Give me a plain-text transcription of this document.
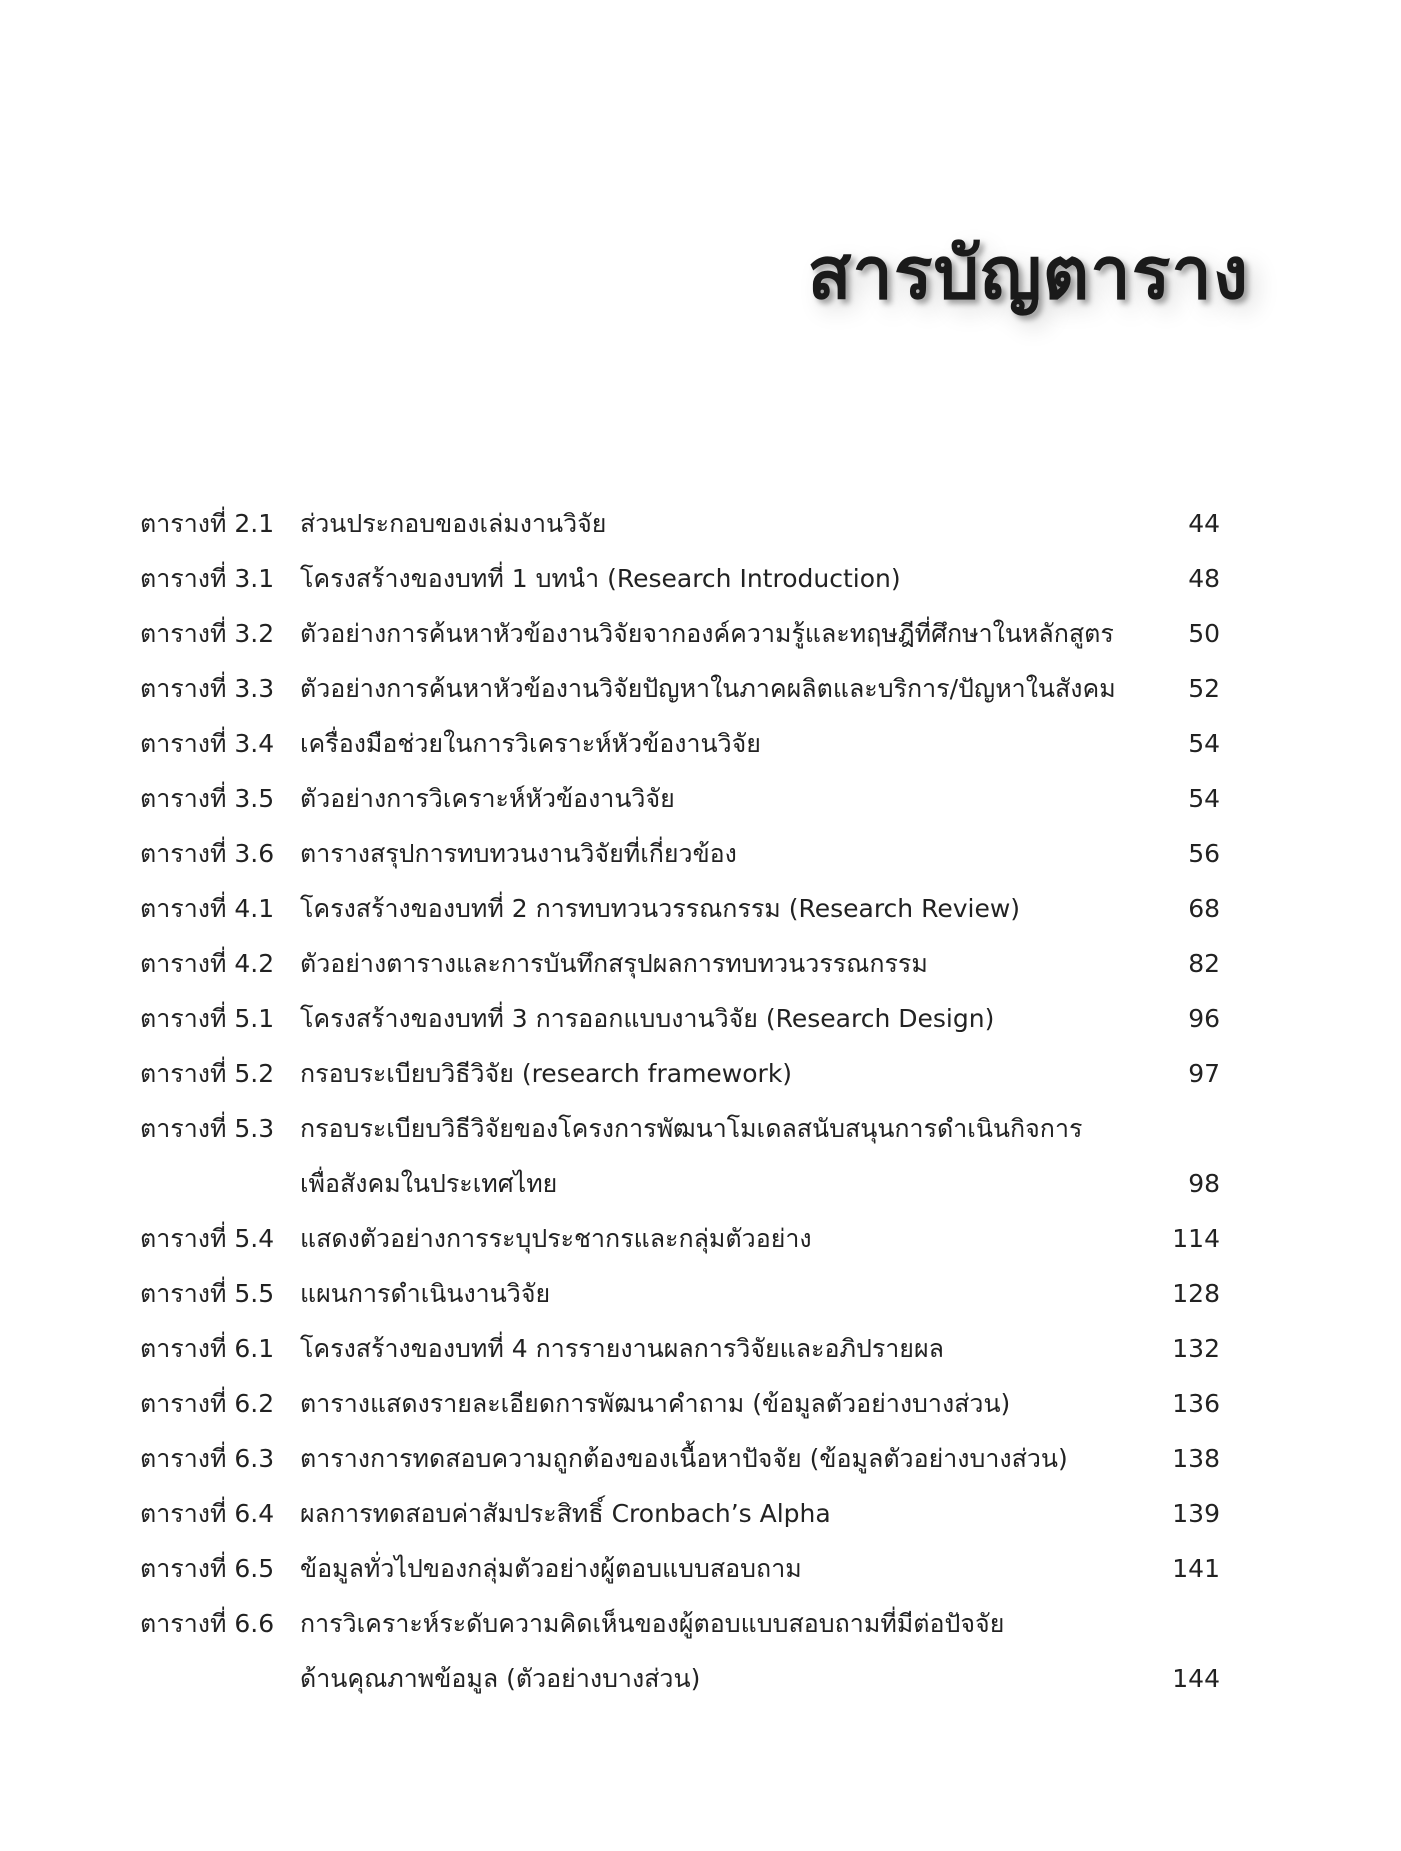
สารบัญตาราง
ตารางที่ 2.1	ส่วนประกอบของเล่มงานวิจัย	44
ตารางที่ 3.1	โครงสร้างของบทที่ 1 บทนำ (Research Introduction)	48
ตารางที่ 3.2	ตัวอย่างการค้นหาหัวข้องานวิจัยจากองค์ความรู้และทฤษฎีที่ศึกษาในหลักสูตร	50
ตารางที่ 3.3	ตัวอย่างการค้นหาหัวข้องานวิจัยปัญหาในภาคผลิตและบริการ/ปัญหาในสังคม	52
ตารางที่ 3.4	เครื่องมือช่วยในการวิเคราะห์หัวข้องานวิจัย	54
ตารางที่ 3.5	ตัวอย่างการวิเคราะห์หัวข้องานวิจัย	54
ตารางที่ 3.6	ตารางสรุปการทบทวนงานวิจัยที่เกี่ยวข้อง	56
ตารางที่ 4.1	โครงสร้างของบทที่ 2 การทบทวนวรรณกรรม (Research Review)	68
ตารางที่ 4.2	ตัวอย่างตารางและการบันทึกสรุปผลการทบทวนวรรณกรรม	82
ตารางที่ 5.1	โครงสร้างของบทที่ 3 การออกแบบงานวิจัย (Research Design)	96
ตารางที่ 5.2	กรอบระเบียบวิธีวิจัย (research framework)	97
ตารางที่ 5.3	กรอบระเบียบวิธีวิจัยของโครงการพัฒนาโมเดลสนับสนุนการดำเนินกิจการ
เพื่อสังคมในประเทศไทย	98
ตารางที่ 5.4	แสดงตัวอย่างการระบุประชากรและกลุ่มตัวอย่าง	114
ตารางที่ 5.5	แผนการดำเนินงานวิจัย	128
ตารางที่ 6.1	โครงสร้างของบทที่ 4 การรายงานผลการวิจัยและอภิปรายผล	132
ตารางที่ 6.2	ตารางแสดงรายละเอียดการพัฒนาคำถาม (ข้อมูลตัวอย่างบางส่วน)	136
ตารางที่ 6.3	ตารางการทดสอบความถูกต้องของเนื้อหาปัจจัย (ข้อมูลตัวอย่างบางส่วน)	138
ตารางที่ 6.4	ผลการทดสอบค่าสัมประสิทธิ์ Cronbach’s Alpha	139
ตารางที่ 6.5	ข้อมูลทั่วไปของกลุ่มตัวอย่างผู้ตอบแบบสอบถาม	141
ตารางที่ 6.6	การวิเคราะห์ระดับความคิดเห็นของผู้ตอบแบบสอบถามที่มีต่อปัจจัย
ด้านคุณภาพข้อมูล (ตัวอย่างบางส่วน)	144
